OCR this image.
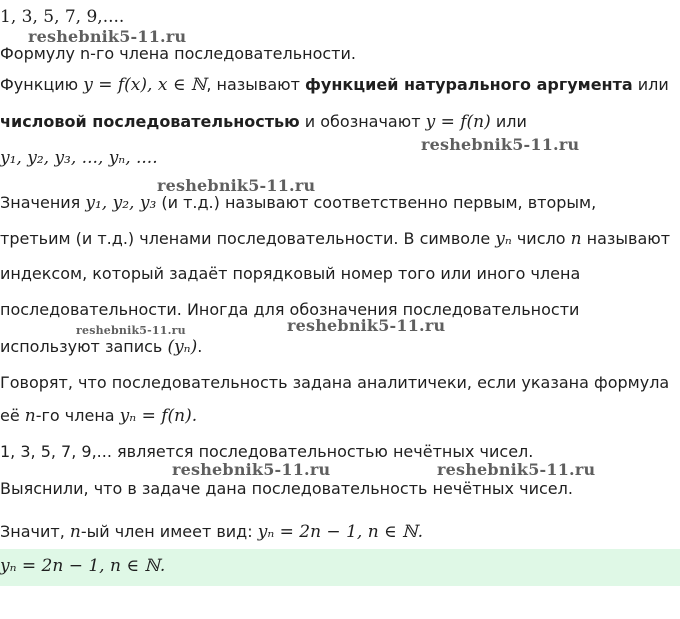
1, 3, 5, 7, 9,....
Формулу n-го члена последовательности.
Функцию y = f(x), x ∈ ℕ, называют функцией натурального аргумента или
числовой последовательностью и обозначают y = f(n) или
y₁, y₂, y₃, ..., yₙ, ....
Значения y₁, y₂, y₃ (и т.д.) называют соответственно первым, вторым,
третьим (и т.д.) членами последовательности. В символе yₙ число n называют
индексом, который задаёт порядковый номер того или иного члена
последовательности. Иногда для обозначения последовательности
используют запись (yₙ).
Говорят, что последовательность задана аналитичеки, если указана формула
её n-го члена yₙ = f(n).
1, 3, 5, 7, 9,... является последовательностью нечётных чисел.
Выяснили, что в задаче дана последовательность нечётных чисел.
Значит, n-ый член имеет вид: yₙ = 2n − 1, n ∈ ℕ.
yₙ = 2n − 1, n ∈ ℕ.
reshebnik5-11.ru
reshebnik5-11.ru
reshebnik5-11.ru
reshebnik5-11.ru	reshebnik5-11.ru
reshebnik5-11.ru	reshebnik5-11.ru
